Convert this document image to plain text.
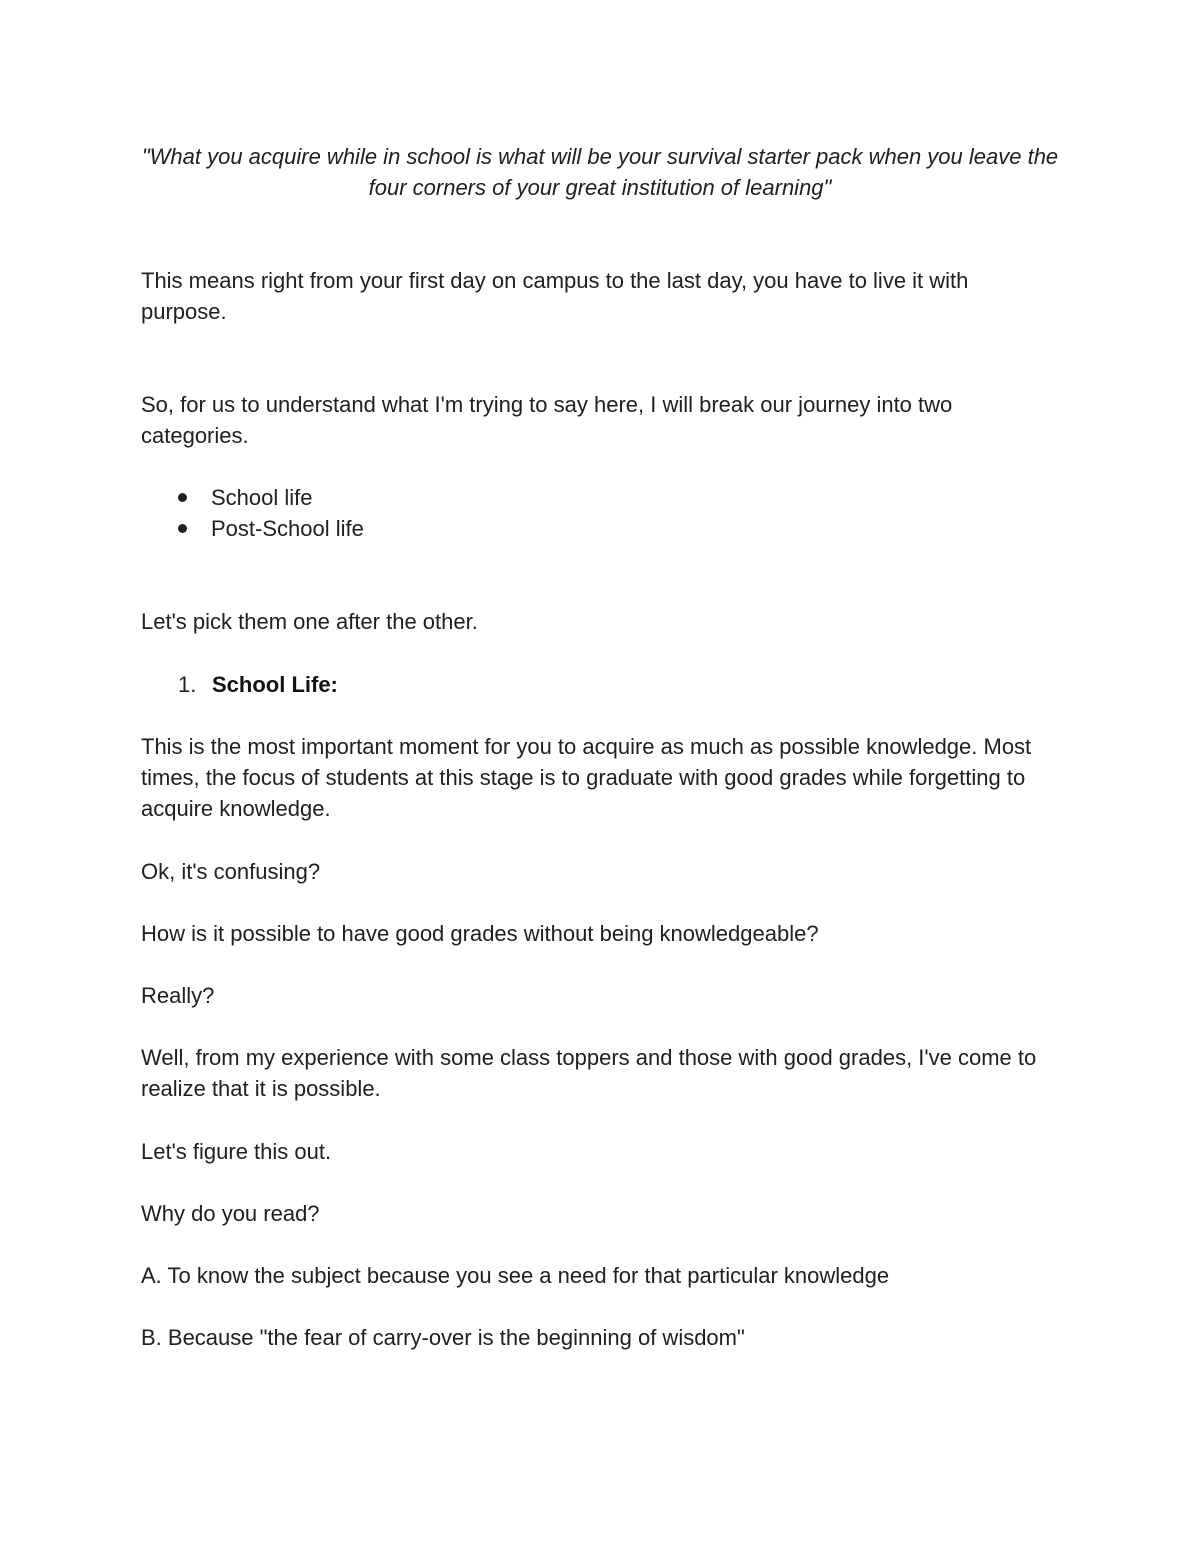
"What you acquire while in school is what will be your survival starter pack when you leave the four corners of your great institution of learning"

This means right from your first day on campus to the last day, you have to live it with purpose.

So, for us to understand what I'm trying to say here, I will break our journey into two categories.

School life
Post-School life

Let's pick them one after the other.

1. School Life:

This is the most important moment for you to acquire as much as possible knowledge. Most times, the focus of students at this stage is to graduate with good grades while forgetting to acquire knowledge.

Ok, it's confusing?

How is it possible to have good grades without being knowledgeable?

Really?

Well, from my experience with some class toppers and those with good grades, I've come to realize that it is possible.

Let's figure this out.

Why do you read?

A. To know the subject because you see a need for that particular knowledge

B. Because "the fear of carry-over is the beginning of wisdom"
